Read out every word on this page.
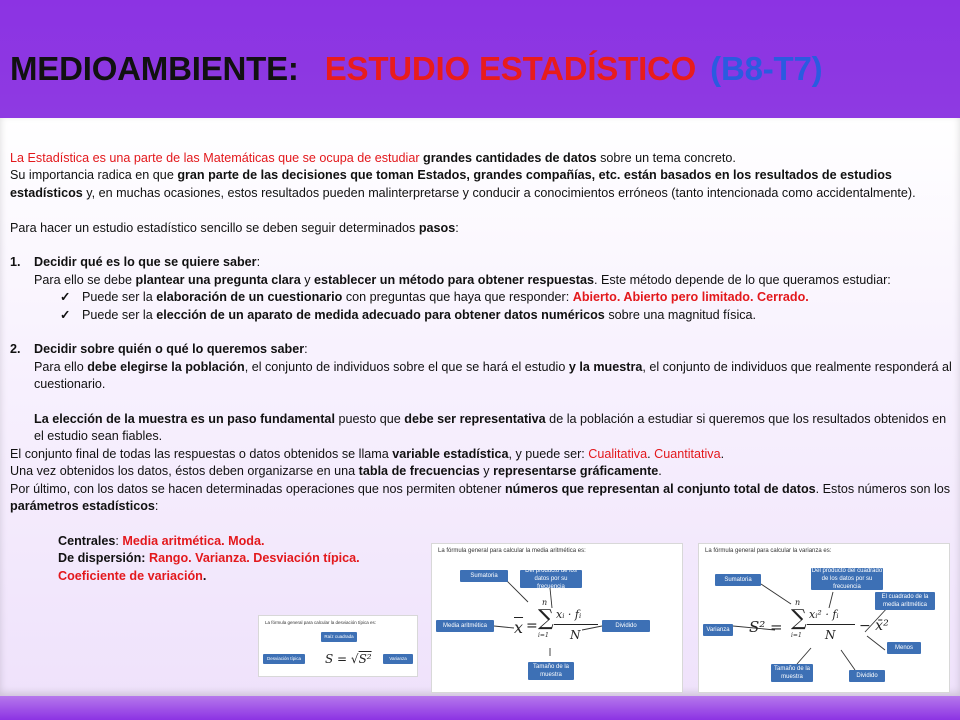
MEDIOAMBIENTE: ESTUDIO ESTADÍSTICO (B8-T7)

La Estadística es una parte de las Matemáticas que se ocupa de estudiar grandes cantidades de datos sobre un tema concreto.

Su importancia radica en que gran parte de las decisiones que toman Estados, grandes compañías, etc. están basados en los resultados de estudios estadísticos y, en muchas ocasiones, estos resultados pueden malinterpretarse y conducir a conocimientos erróneos (tanto intencionada como accidentalmente).

Para hacer un estudio estadístico sencillo se deben seguir determinados pasos:

1. Decidir qué es lo que se quiere saber:

Para ello se debe plantear una pregunta clara y establecer un método para obtener respuestas. Este método depende de lo que queramos estudiar:

✓ Puede ser la elaboración de un cuestionario con preguntas que haya que responder: Abierto. Abierto pero limitado. Cerrado.
✓ Puede ser la elección de un aparato de medida adecuado para obtener datos numéricos sobre una magnitud física.
2. Decidir sobre quién o qué lo queremos saber:

Para ello debe elegirse la población, el conjunto de individuos sobre el que se hará el estudio y la muestra, el conjunto de individuos que realmente responderá al cuestionario.

La elección de la muestra es un paso fundamental puesto que debe ser representativa de la población a estudiar si queremos que los resultados obtenidos en el estudio sean fiables.

El conjunto final de todas las respuestas o datos obtenidos se llama variable estadística, y puede ser: Cualitativa. Cuantitativa.

Una vez obtenidos los datos, éstos deben organizarse en una tabla de frecuencias y representarse gráficamente.

Por último, con los datos se hacen determinadas operaciones que nos permiten obtener números que representan al conjunto total de datos. Estos números son los parámetros estadísticos:

Centrales: Media aritmética. Moda.

De dispersión: Rango. Varianza. Desviación típica.

Coeficiente de variación.

La fórmula general para calcular la desviación típica es:
Raíz cuadrada
Desviación típica	Varianza
S = √S²
La fórmula general para calcular la media aritmética es:
Sumatoria
Del producto de los datos por su frecuencia
Media aritmética	Dividido
Tamaño de la muestra
$\overline{x}$ =
n
∑
i=1
xᵢ · fᵢ
N
La fórmula general para calcular la varianza es:
Sumatoria
Del producto del cuadrado de los datos por su frecuencia
El cuadrado de la media aritmética
Varianza
Menos
Tamaño de la muestra	Dividido
S² =
n
∑
i=1
xᵢ² · fᵢ
N
− x̄²
